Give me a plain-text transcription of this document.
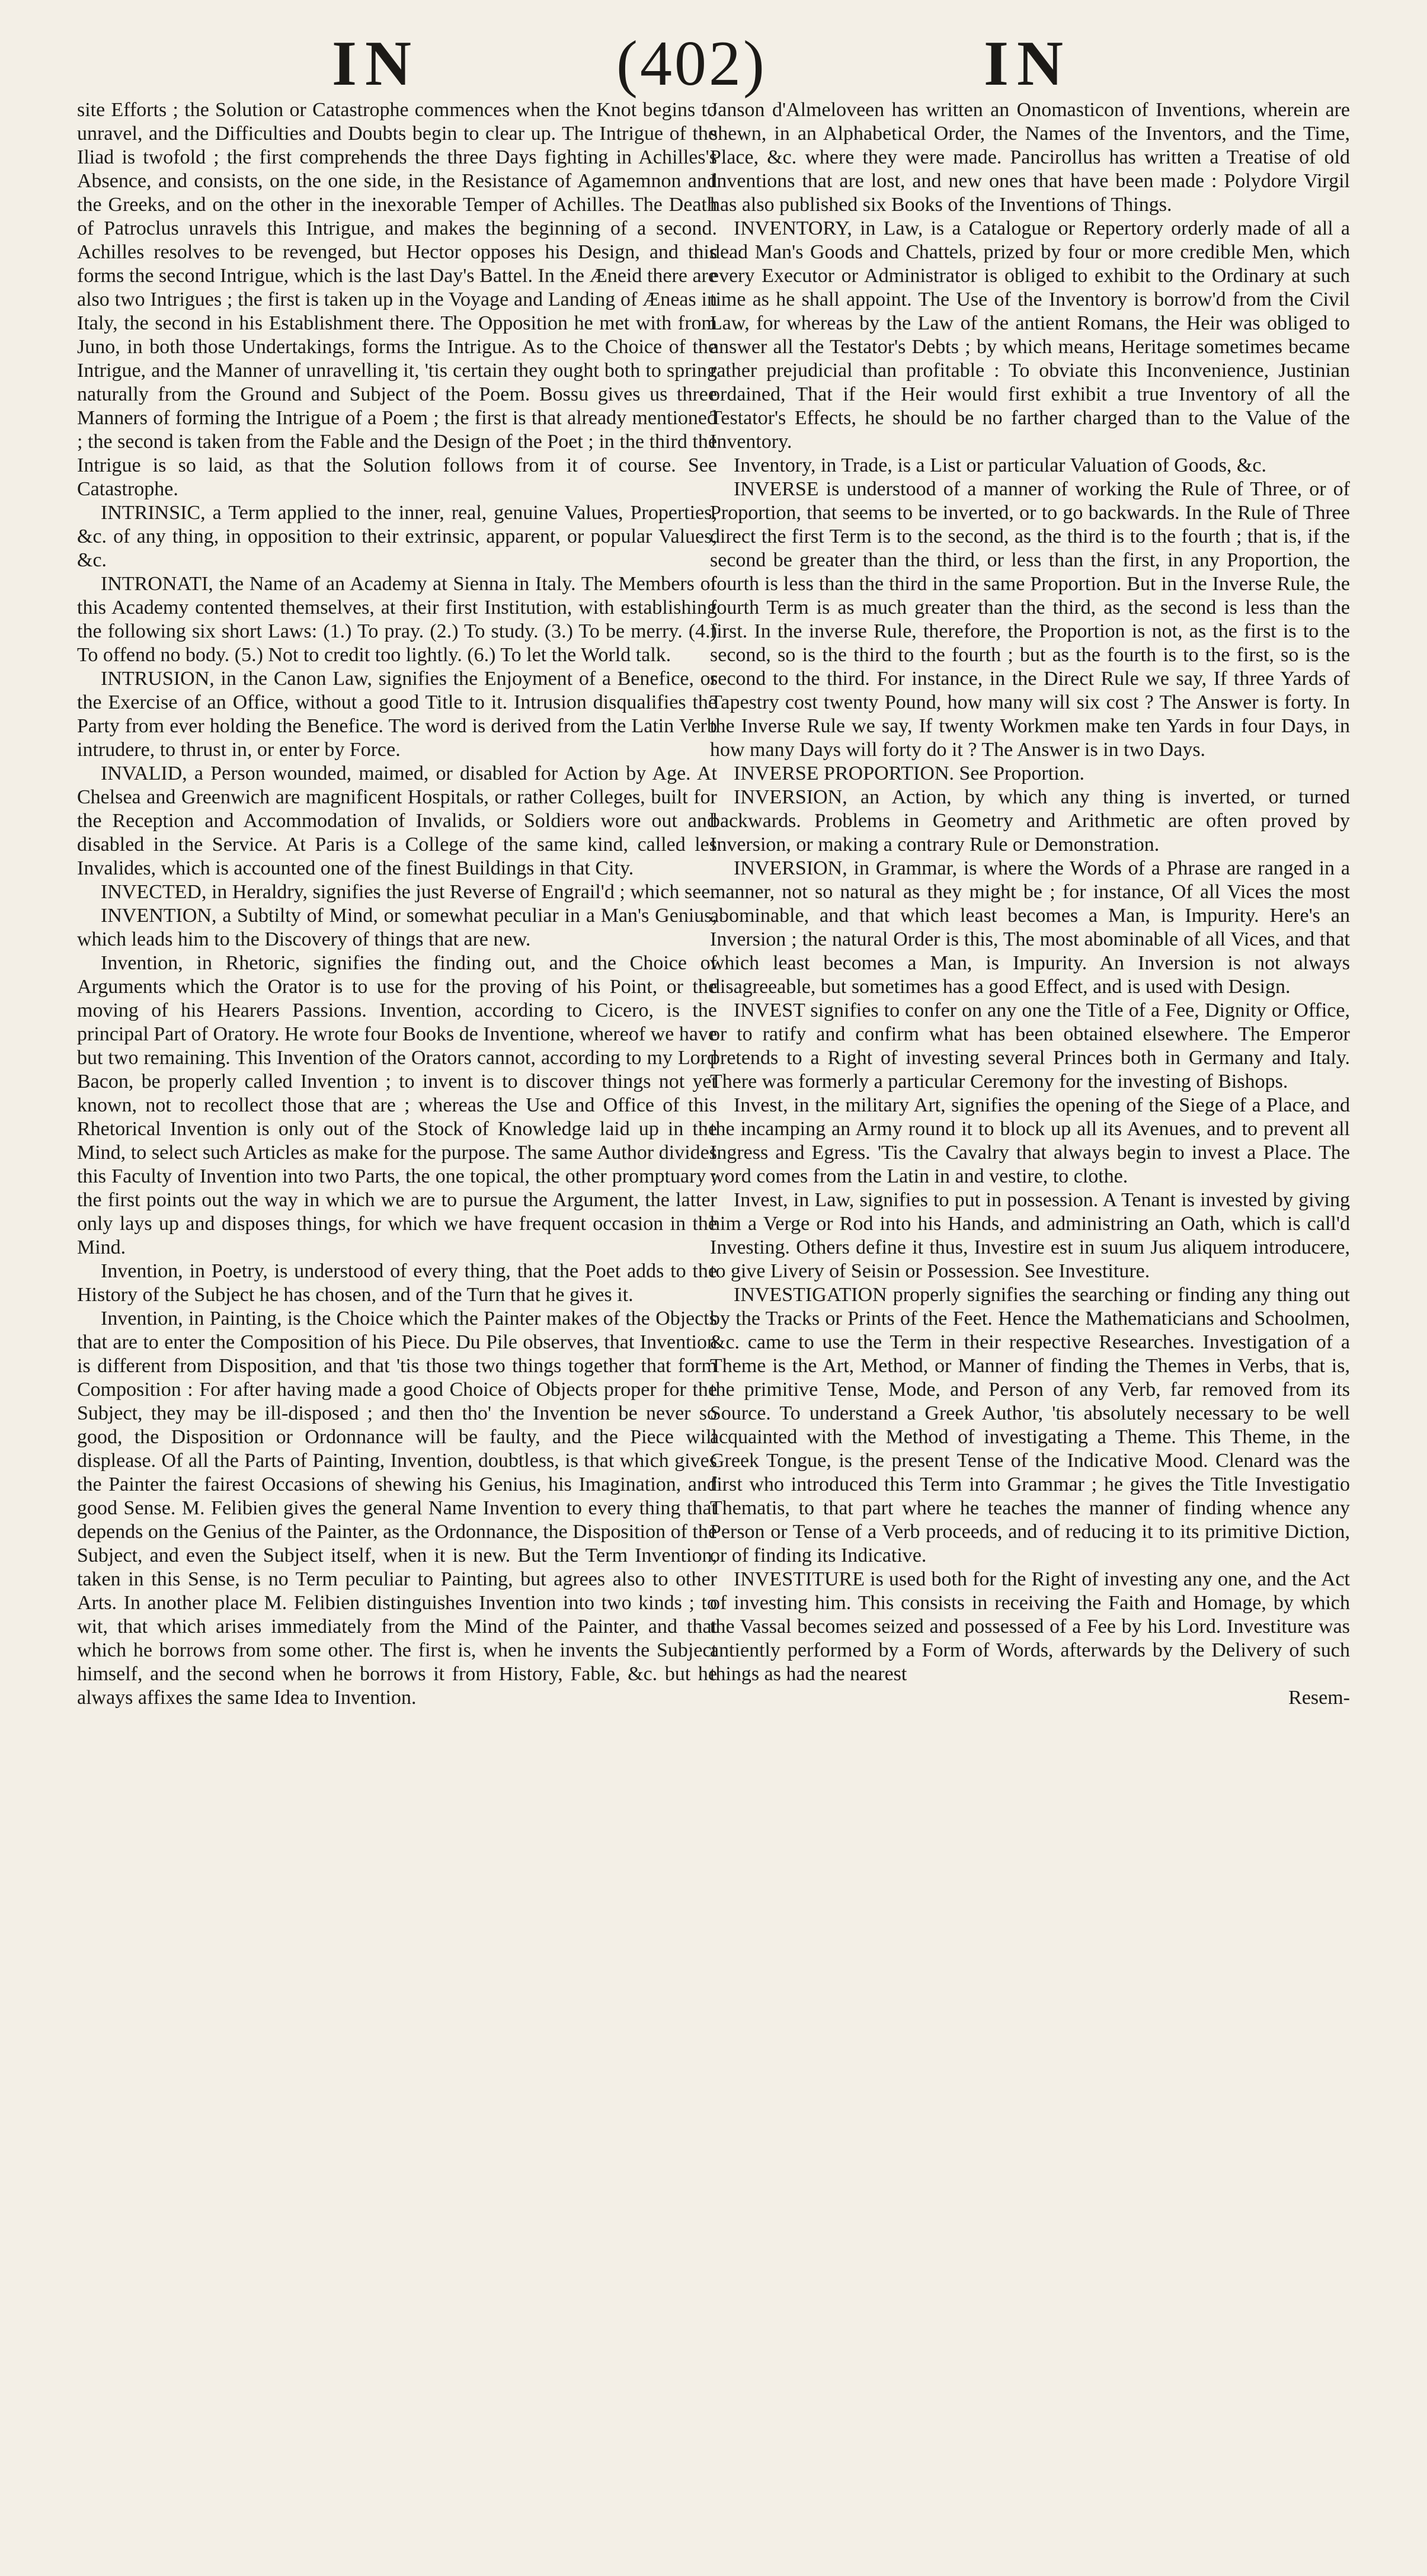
IN	(402)	IN

site Efforts ; the Solution or Catastrophe commences when the Knot begins to unravel, and the Difficulties and Doubts begin to clear up. The Intrigue of the Iliad is twofold ; the first comprehends the three Days fighting in Achilles's Absence, and consists, on the one side, in the Resistance of Agamemnon and the Greeks, and on the other in the inexorable Temper of Achilles. The Death of Patroclus unravels this Intrigue, and makes the beginning of a second. Achilles resolves to be revenged, but Hector opposes his Design, and this forms the second Intrigue, which is the last Day's Battel. In the Æneid there are also two Intrigues ; the first is taken up in the Voyage and Landing of Æneas in Italy, the second in his Establishment there. The Opposition he met with from Juno, in both those Undertakings, forms the Intrigue. As to the Choice of the Intrigue, and the Manner of unravelling it, 'tis certain they ought both to spring naturally from the Ground and Subject of the Poem. Bossu gives us three Manners of forming the Intrigue of a Poem ; the first is that already mentioned ; the second is taken from the Fable and the Design of the Poet ; in the third the Intrigue is so laid, as that the Solution follows from it of course. See Catastrophe.

INTRINSIC, a Term applied to the inner, real, genuine Values, Properties, &c. of any thing, in opposition to their extrinsic, apparent, or popular Values, &c.

INTRONATI, the Name of an Academy at Sienna in Italy. The Members of this Academy contented themselves, at their first Institution, with establishing the following six short Laws: (1.) To pray. (2.) To study. (3.) To be merry. (4.) To offend no body. (5.) Not to credit too lightly. (6.) To let the World talk.

INTRUSION, in the Canon Law, signifies the Enjoyment of a Benefice, or the Exercise of an Office, without a good Title to it. Intrusion disqualifies the Party from ever holding the Benefice. The word is derived from the Latin Verb intrudere, to thrust in, or enter by Force.

INVALID, a Person wounded, maimed, or disabled for Action by Age. At Chelsea and Greenwich are magnificent Hospitals, or rather Colleges, built for the Reception and Accommodation of Invalids, or Soldiers wore out and disabled in the Service. At Paris is a College of the same kind, called les Invalides, which is accounted one of the finest Buildings in that City.

INVECTED, in Heraldry, signifies the just Reverse of Engrail'd ; which see.

INVENTION, a Subtilty of Mind, or somewhat peculiar in a Man's Genius, which leads him to the Discovery of things that are new.

Invention, in Rhetoric, signifies the finding out, and the Choice of Arguments which the Orator is to use for the proving of his Point, or the moving of his Hearers Passions. Invention, according to Cicero, is the principal Part of Oratory. He wrote four Books de Inventione, whereof we have but two remaining. This Invention of the Orators cannot, according to my Lord Bacon, be properly called Invention ; to invent is to discover things not yet known, not to recollect those that are ; whereas the Use and Office of this Rhetorical Invention is only out of the Stock of Knowledge laid up in the Mind, to select such Articles as make for the purpose. The same Author divides this Faculty of Invention into two Parts, the one topical, the other promptuary ; the first points out the way in which we are to pursue the Argument, the latter only lays up and disposes things, for which we have frequent occasion in the Mind.

Invention, in Poetry, is understood of every thing, that the Poet adds to the History of the Subject he has chosen, and of the Turn that he gives it.

Invention, in Painting, is the Choice which the Painter makes of the Objects that are to enter the Composition of his Piece. Du Pile observes, that Invention is different from Disposition, and that 'tis those two things together that form Composition : For after having made a good Choice of Objects proper for the Subject, they may be ill-disposed ; and then tho' the Invention be never so good, the Disposition or Ordonnance will be faulty, and the Piece will displease. Of all the Parts of Painting, Invention, doubtless, is that which gives the Painter the fairest Occasions of shewing his Genius, his Imagination, and good Sense. M. Felibien gives the general Name Invention to every thing that depends on the Genius of the Painter, as the Ordonnance, the Disposition of the Subject, and even the Subject itself, when it is new. But the Term Invention, taken in this Sense, is no Term peculiar to Painting, but agrees also to other Arts. In another place M. Felibien distinguishes Invention into two kinds ; to wit, that which arises immediately from the Mind of the Painter, and that which he borrows from some other. The first is, when he invents the Subject himself, and the second when he borrows it from History, Fable, &c. but he always affixes the same Idea to Invention.

Janson d'Almeloveen has written an Onomasticon of Inventions, wherein are shewn, in an Alphabetical Order, the Names of the Inventors, and the Time, Place, &c. where they were made. Pancirollus has written a Treatise of old Inventions that are lost, and new ones that have been made : Polydore Virgil has also published six Books of the Inventions of Things.

INVENTORY, in Law, is a Catalogue or Repertory orderly made of all a dead Man's Goods and Chattels, prized by four or more credible Men, which every Executor or Administrator is obliged to exhibit to the Ordinary at such time as he shall appoint. The Use of the Inventory is borrow'd from the Civil Law, for whereas by the Law of the antient Romans, the Heir was obliged to answer all the Testator's Debts ; by which means, Heritage sometimes became rather prejudicial than profitable : To obviate this Inconvenience, Justinian ordained, That if the Heir would first exhibit a true Inventory of all the Testator's Effects, he should be no farther charged than to the Value of the Inventory.

Inventory, in Trade, is a List or particular Valuation of Goods, &c.

INVERSE is understood of a manner of working the Rule of Three, or of Proportion, that seems to be inverted, or to go backwards. In the Rule of Three direct the first Term is to the second, as the third is to the fourth ; that is, if the second be greater than the third, or less than the first, in any Proportion, the fourth is less than the third in the same Proportion. But in the Inverse Rule, the fourth Term is as much greater than the third, as the second is less than the first. In the inverse Rule, therefore, the Proportion is not, as the first is to the second, so is the third to the fourth ; but as the fourth is to the first, so is the second to the third. For instance, in the Direct Rule we say, If three Yards of Tapestry cost twenty Pound, how many will six cost ? The Answer is forty. In the Inverse Rule we say, If twenty Workmen make ten Yards in four Days, in how many Days will forty do it ? The Answer is in two Days.

INVERSE PROPORTION. See Proportion.

INVERSION, an Action, by which any thing is inverted, or turned backwards. Problems in Geometry and Arithmetic are often proved by Inversion, or making a contrary Rule or Demonstration.

INVERSION, in Grammar, is where the Words of a Phrase are ranged in a manner, not so natural as they might be ; for instance, Of all Vices the most abominable, and that which least becomes a Man, is Impurity. Here's an Inversion ; the natural Order is this, The most abominable of all Vices, and that which least becomes a Man, is Impurity. An Inversion is not always disagreeable, but sometimes has a good Effect, and is used with Design.

INVEST signifies to confer on any one the Title of a Fee, Dignity or Office, or to ratify and confirm what has been obtained elsewhere. The Emperor pretends to a Right of investing several Princes both in Germany and Italy. There was formerly a particular Ceremony for the investing of Bishops.

Invest, in the military Art, signifies the opening of the Siege of a Place, and the incamping an Army round it to block up all its Avenues, and to prevent all Ingress and Egress. 'Tis the Cavalry that always begin to invest a Place. The word comes from the Latin in and vestire, to clothe.

Invest, in Law, signifies to put in possession. A Tenant is invested by giving him a Verge or Rod into his Hands, and administring an Oath, which is call'd Investing. Others define it thus, Investire est in suum Jus aliquem introducere, to give Livery of Seisin or Possession. See Investiture.

INVESTIGATION properly signifies the searching or finding any thing out by the Tracks or Prints of the Feet. Hence the Mathematicians and Schoolmen, &c. came to use the Term in their respective Researches. Investigation of a Theme is the Art, Method, or Manner of finding the Themes in Verbs, that is, the primitive Tense, Mode, and Person of any Verb, far removed from its Source. To understand a Greek Author, 'tis absolutely necessary to be well acquainted with the Method of investigating a Theme. This Theme, in the Greek Tongue, is the present Tense of the Indicative Mood. Clenard was the first who introduced this Term into Grammar ; he gives the Title Investigatio Thematis, to that part where he teaches the manner of finding whence any Person or Tense of a Verb proceeds, and of reducing it to its primitive Diction, or of finding its Indicative.

INVESTITURE is used both for the Right of investing any one, and the Act of investing him. This consists in receiving the Faith and Homage, by which the Vassal becomes seized and possessed of a Fee by his Lord. Investiture was antiently performed by a Form of Words, afterwards by the Delivery of such things as had the nearest

Resem-
